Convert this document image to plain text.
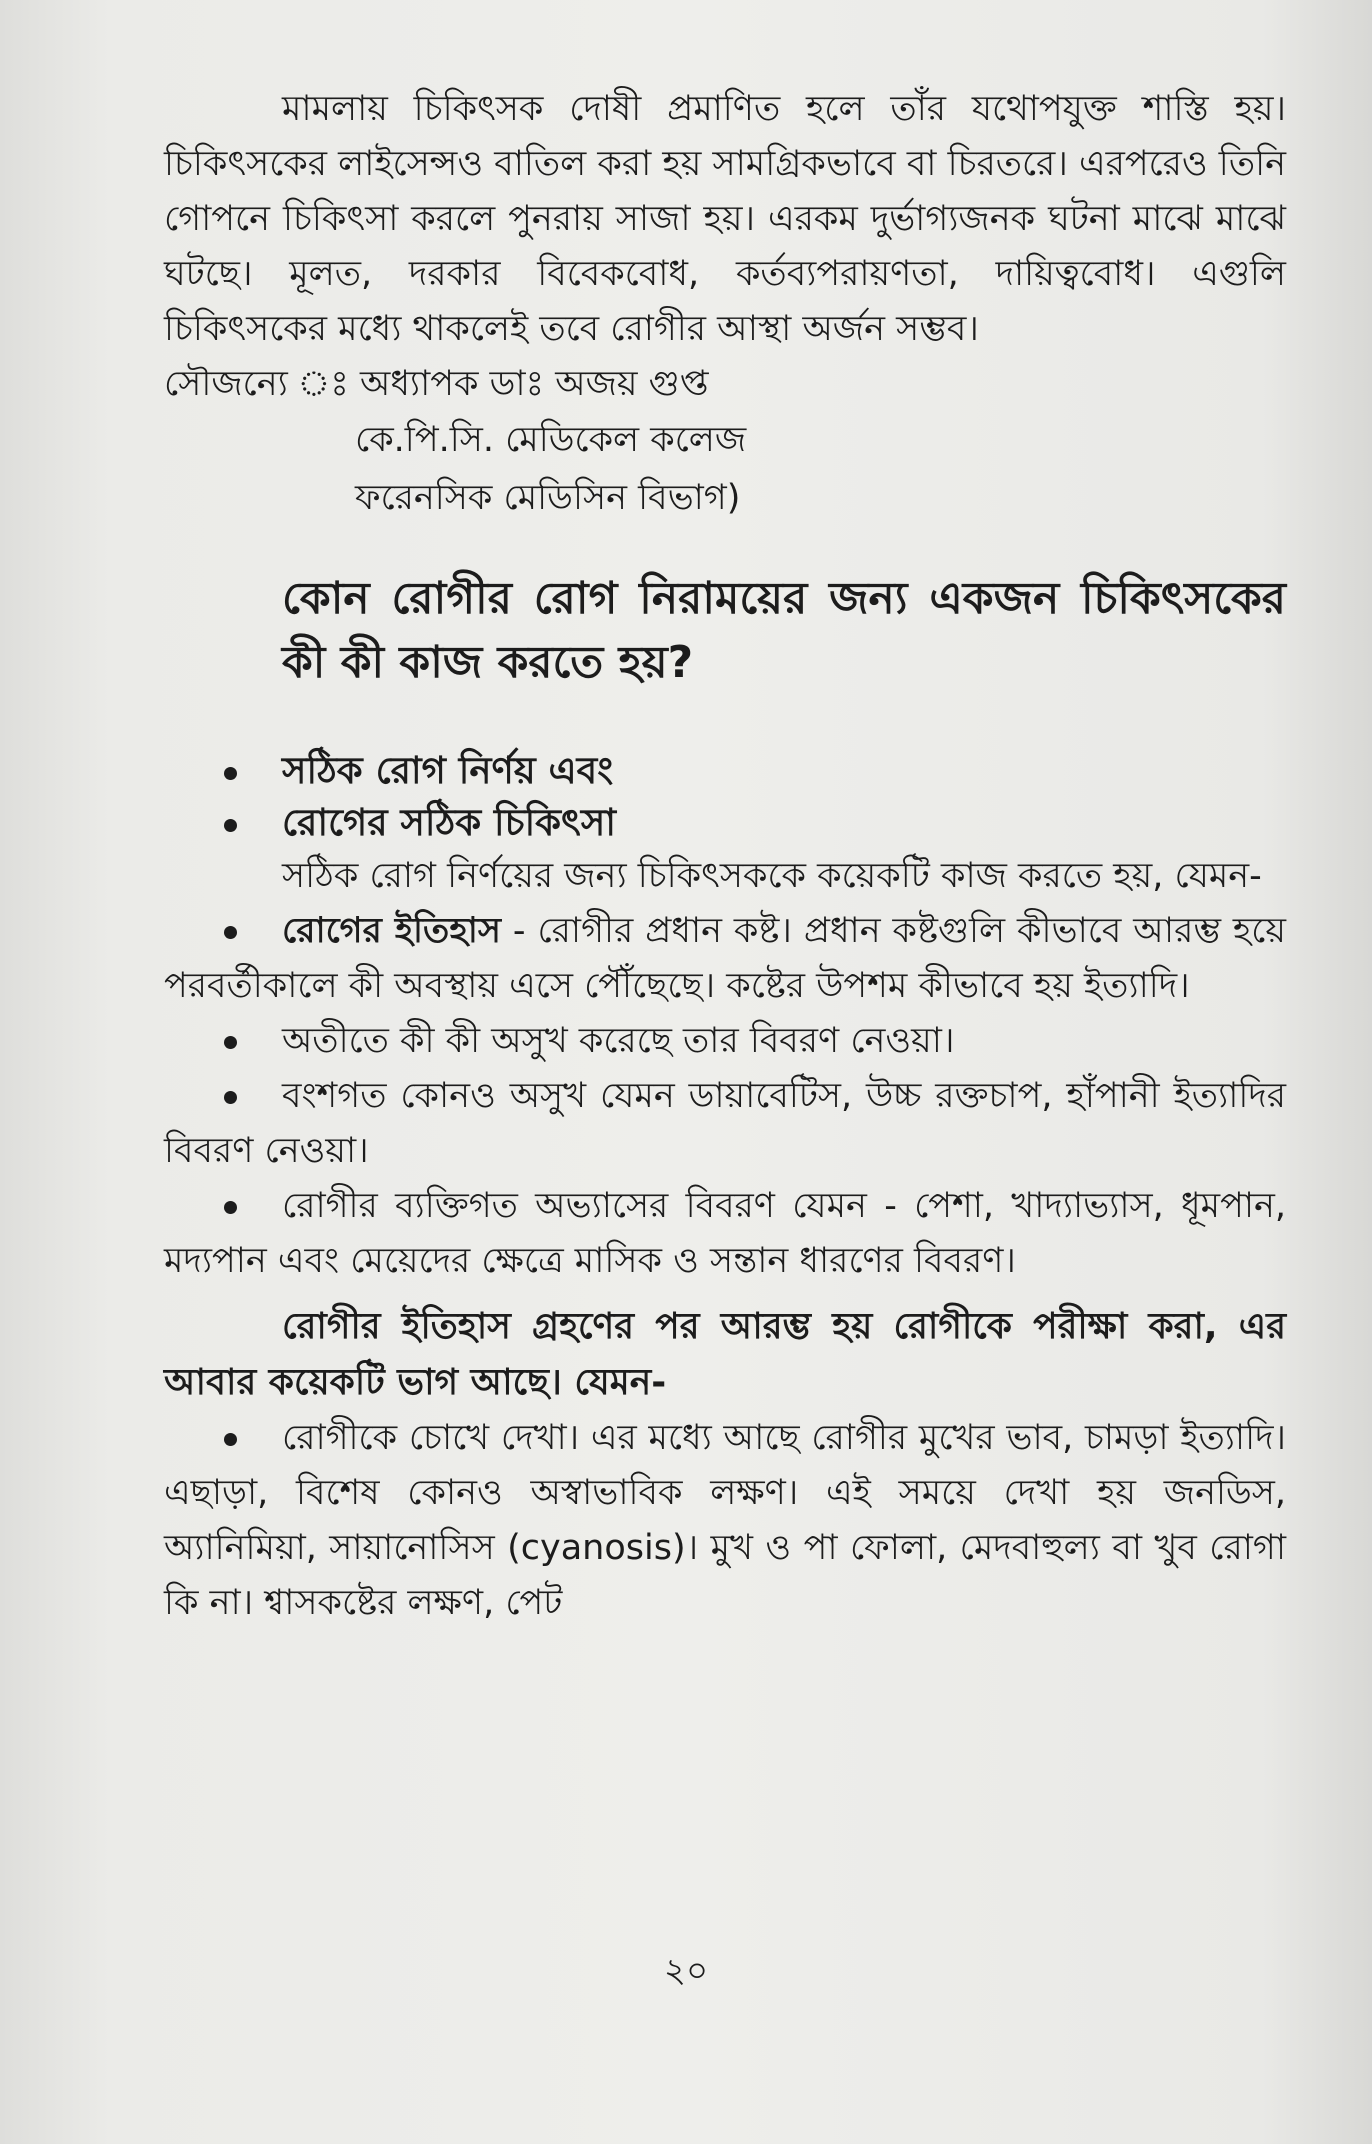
মামলায় চিকিৎসক দোষী প্রমাণিত হলে তাঁর যথোপযুক্ত শাস্তি হয়। চিকিৎসকের লাইসেন্সও বাতিল করা হয় সামগ্রিকভাবে বা চিরতরে। এরপরেও তিনি গোপনে চিকিৎসা করলে পুনরায় সাজা হয়। এরকম দুর্ভাগ্যজনক ঘটনা মাঝে মাঝে ঘটছে। মূলত, দরকার বিবেকবোধ, কর্তব্যপরায়ণতা, দায়িত্ববোধ। এগুলি চিকিৎসকের মধ্যে থাকলেই তবে রোগীর আস্থা অর্জন সম্ভব।

সৌজন্যে ঃ অধ্যাপক ডাঃ অজয় গুপ্ত
কে.পি.সি. মেডিকেল কলেজ
ফরেনসিক মেডিসিন বিভাগ)
কোন রোগীর রোগ নিরাময়ের জন্য একজন চিকিৎসকের কী কী কাজ করতে হয়?
সঠিক রোগ নির্ণয় এবং
রোগের সঠিক চিকিৎসা

সঠিক রোগ নির্ণয়ের জন্য চিকিৎসককে কয়েকটি কাজ করতে হয়, যেমন-

রোগের ইতিহাস - রোগীর প্রধান কষ্ট। প্রধান কষ্টগুলি কীভাবে আরম্ভ হয়ে পরবর্তীকালে কী অবস্থায় এসে পৌঁছেছে। কষ্টের উপশম কীভাবে হয় ইত্যাদি।

অতীতে কী কী অসুখ করেছে তার বিবরণ নেওয়া।

বংশগত কোনও অসুখ যেমন ডায়াবেটিস, উচ্চ রক্তচাপ, হাঁপানী ইত্যাদির বিবরণ নেওয়া।

রোগীর ব্যক্তিগত অভ্যাসের বিবরণ যেমন - পেশা, খাদ্যাভ্যাস, ধূমপান, মদ্যপান এবং মেয়েদের ক্ষেত্রে মাসিক ও সন্তান ধারণের বিবরণ।

রোগীর ইতিহাস গ্রহণের পর আরম্ভ হয় রোগীকে পরীক্ষা করা, এর আবার কয়েকটি ভাগ আছে। যেমন-

রোগীকে চোখে দেখা। এর মধ্যে আছে রোগীর মুখের ভাব, চামড়া ইত্যাদি। এছাড়া, বিশেষ কোনও অস্বাভাবিক লক্ষণ। এই সময়ে দেখা হয় জনডিস, অ্যানিমিয়া, সায়ানোসিস (cyanosis)। মুখ ও পা ফোলা, মেদবাহুল্য বা খুব রোগা কি না। শ্বাসকষ্টের লক্ষণ, পেট

২০
